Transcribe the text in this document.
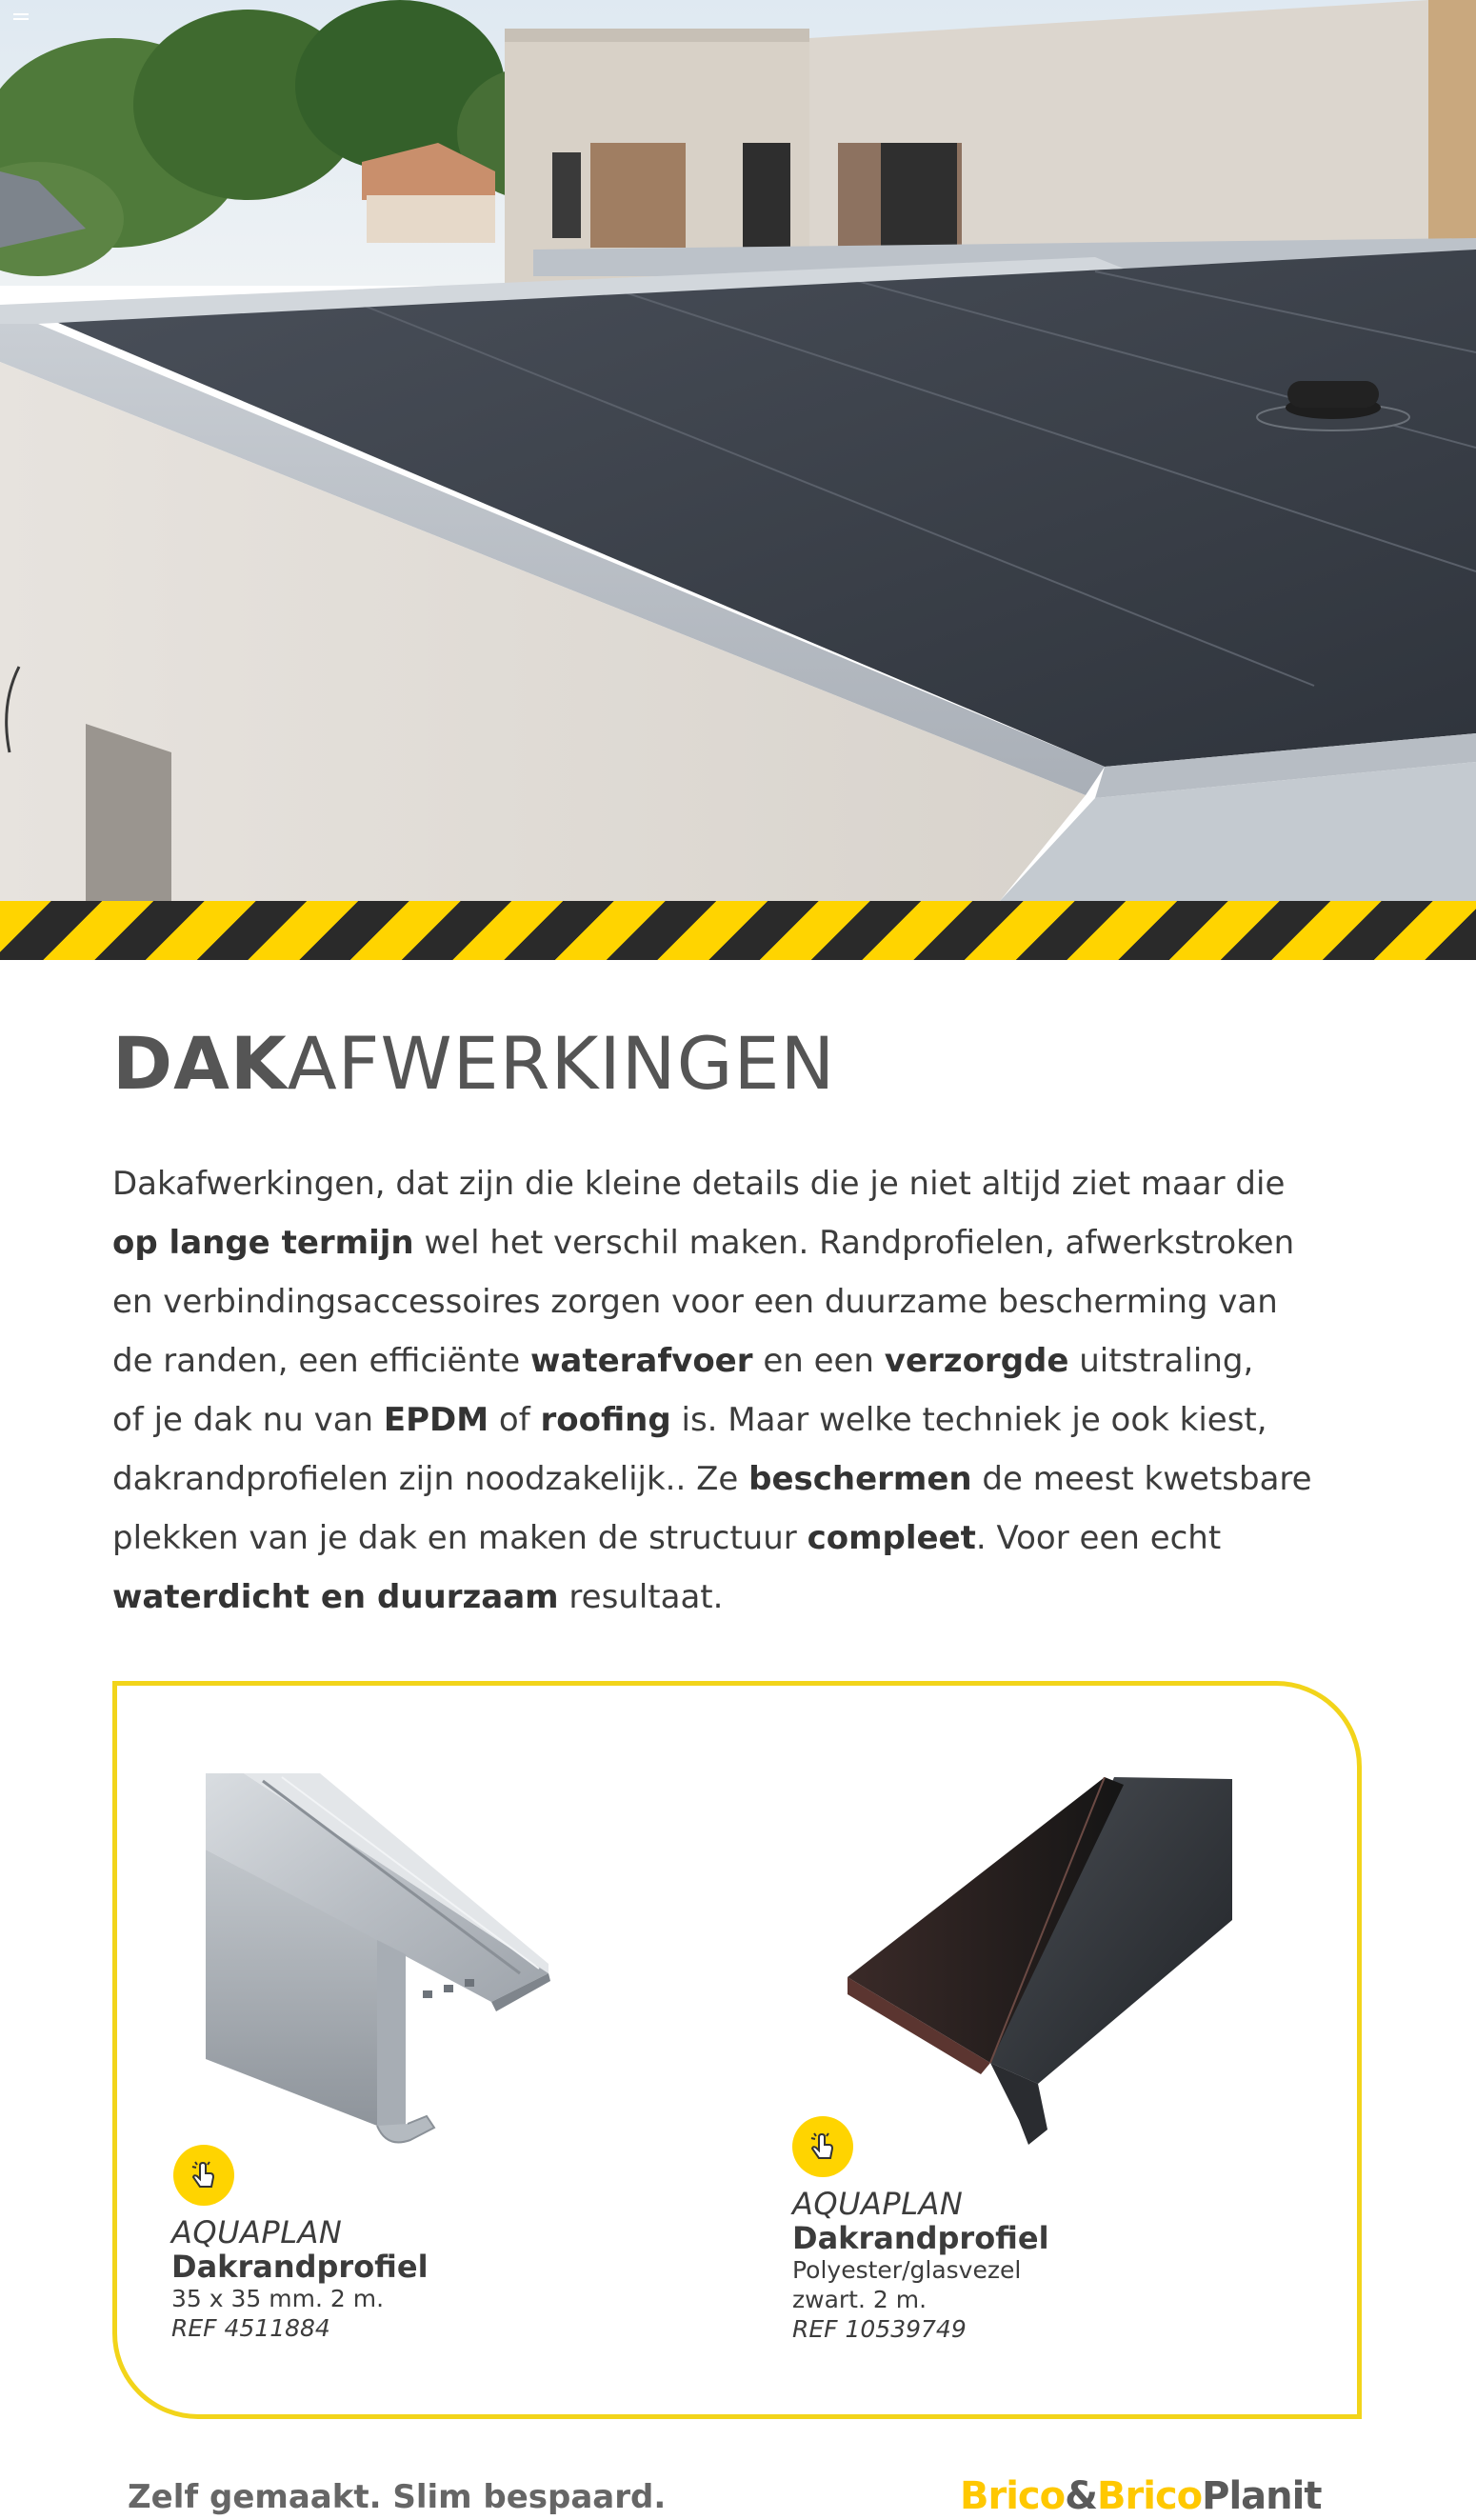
DAKAFWERKINGEN
Dakafwerkingen, dat zijn die kleine details die je niet altijd ziet maar die
op lange termijn wel het verschil maken. Randprofielen, afwerkstroken
en verbindingsaccessoires zorgen voor een duurzame bescherming van
de randen, een efficiënte waterafvoer en een verzorgde uitstraling,
of je dak nu van EPDM of roofing is. Maar welke techniek je ook kiest,
dakrandprofielen zijn noodzakelijk.. Ze beschermen de meest kwetsbare
plekken van je dak en maken de structuur compleet. Voor een echt
waterdicht en duurzaam resultaat.
AQUAPLAN
Dakrandprofiel
35 x 35 mm. 2 m.
REF 4511884
AQUAPLAN
Dakrandprofiel
Polyester/glasvezel
zwart. 2 m.
REF 10539749
Zelf gemaakt. Slim bespaard.	Brico&BricoPlanit
